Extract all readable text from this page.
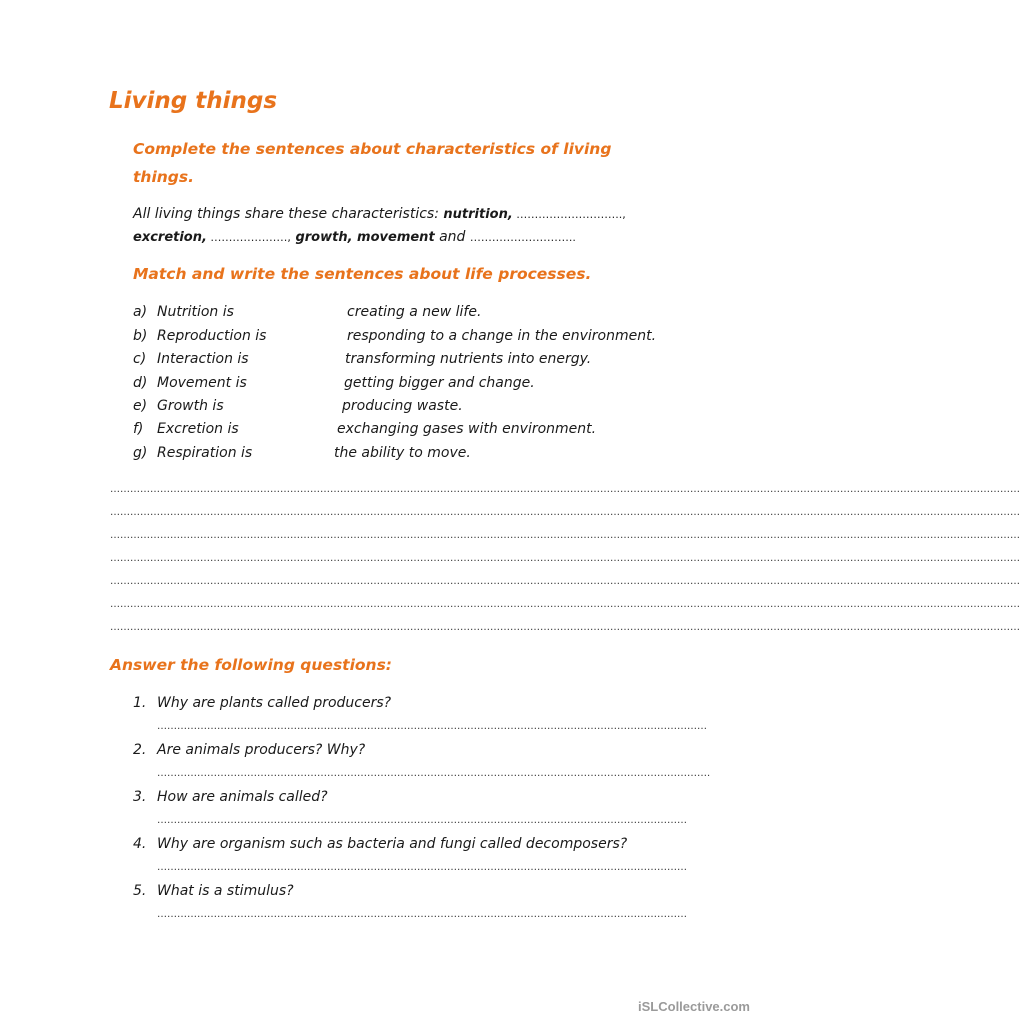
Living things
Complete the sentences about characteristics of living
things.
All living things share these characteristics: nutrition, ………………………..,
excretion, …………………, growth, movement and ………………………..
Match and write the sentences about life processes.
a) Nutrition is	creating a new life.
b) Reproduction is	responding to a change in the environment.
c) Interaction is	transforming nutrients into energy.
d) Movement is	getting bigger and change.
e) Growth is	producing waste.
f) Excretion is	exchanging gases with environment.
g) Respiration is	the ability to move.
…………………………………………………………………………………………………………………………………………………………………………………………………………………………………………………
…………………………………………………………………………………………………………………………………………………………………………………………………………………………………………………
…………………………………………………………………………………………………………………………………………………………………………………………………………………………………………………
…………………………………………………………………………………………………………………………………………………………………………………………………………………………………………………
…………………………………………………………………………………………………………………………………………………………………………………………………………………………………………………
…………………………………………………………………………………………………………………………………………………………………………………………………………………………………………………
…………………………………………………………………………………………………………………………………………………………………………………………………………………………………………………
Answer the following questions:
1. Why are plants called producers?
…………………………………………………………………………………………………………………………………………………
2. Are animals producers? Why?
………………………………………………………………………………………………………………………………………………….
3. How are animals called?
……………………………………………………………………………………………………………………………………………
4. Why are organism such as bacteria and fungi called decomposers?
……………………………………………………………………………………………………………………………………………
5. What is a stimulus?
……………………………………………………………………………………………………………………………………………
iSLCollective.com
